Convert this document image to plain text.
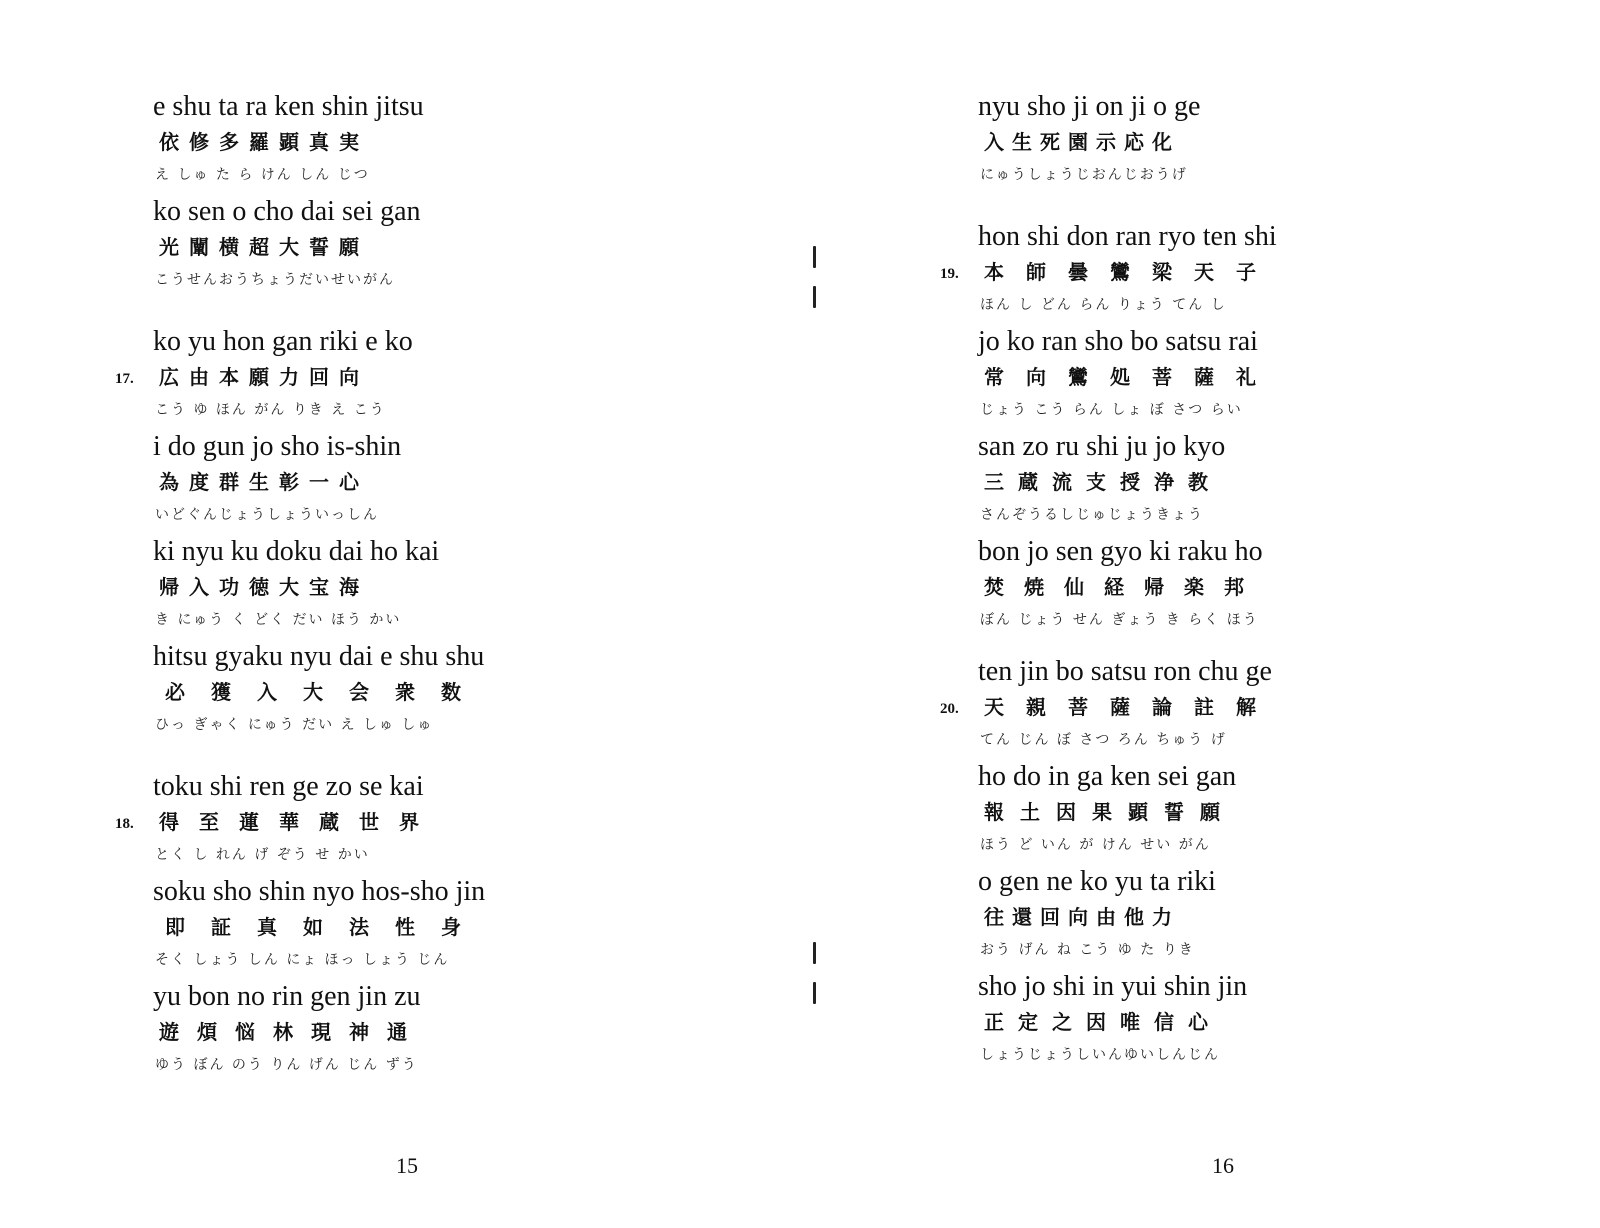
e shu ta ra ken shin jitsu
依修多羅顕真実
え しゅ た ら けん しん じつ
ko sen o cho dai sei gan
光闡横超大誓願
こうせんおうちょうだいせいがん
17.
ko yu hon gan riki e ko
広由本願力回向
こう ゆ ほん がん りき え こう
i do gun jo sho is-shin
為度群生彰一心
いどぐんじょうしょういっしん
ki nyu ku doku dai ho kai
帰入功徳大宝海
き にゅう く どく だい ほう かい
hitsu gyaku nyu dai e shu shu
必獲入大会衆数
ひっ ぎゃく にゅう だい え しゅ しゅ
18.
toku shi ren ge zo se kai
得至蓮華蔵世界
とく し れん げ ぞう せ かい
soku sho shin nyo hos-sho jin
即証真如法性身
そく しょう しん にょ ほっ しょう じん
yu bon no rin gen jin zu
遊煩悩林現神通
ゆう ぼん のう りん げん じん ずう
15
nyu sho ji on ji o ge
入生死園示応化
にゅうしょうじおんじおうげ
19.
hon shi don ran ryo ten shi
本師曇鸞梁天子
ほん し どん らん りょう てん し
jo ko ran sho bo satsu rai
常向鸞処菩薩礼
じょう こう らん しょ ぼ さつ らい
san zo ru shi ju jo kyo
三蔵流支授浄教
さんぞうるしじゅじょうきょう
bon jo sen gyo ki raku ho
焚焼仙経帰楽邦
ぼん じょう せん ぎょう き らく ほう
20.
ten jin bo satsu ron chu ge
天親菩薩論註解
てん じん ぼ さつ ろん ちゅう げ
ho do in ga ken sei gan
報土因果顕誓願
ほう ど いん が けん せい がん
o gen ne ko yu ta riki
往還回向由他力
おう げん ね こう ゆ た りき
sho jo shi in yui shin jin
正定之因唯信心
しょうじょうしいんゆいしんじん
16
